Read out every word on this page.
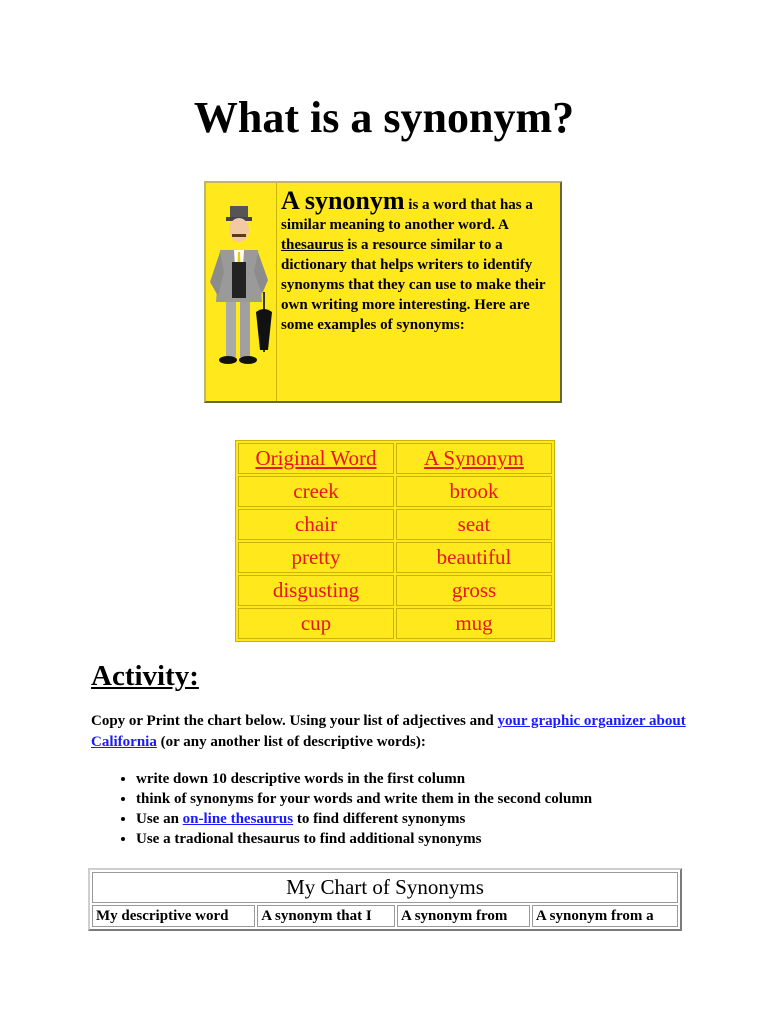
What is a synonym?
A synonym is a word that has a similar meaning to another word. A thesaurus is a resource similar to a dictionary that helps writers to identify synonyms that they can use to make their own writing more interesting. Here are some examples of synonyms:
Original Word	A Synonym
creek	brook
chair	seat
pretty	beautiful
disgusting	gross
cup	mug
Activity:

Copy or Print the chart below. Using your list of adjectives and your graphic organizer about California (or any another list of descriptive words):

• write down 10 descriptive words in the first column
• think of synonyms for your words and write them in the second column
• Use an on-line thesaurus to find different synonyms
• Use a tradional thesaurus to find additional synonyms
My Chart of Synonyms
My descriptive word	A synonym that I	A synonym from	A synonym from a
